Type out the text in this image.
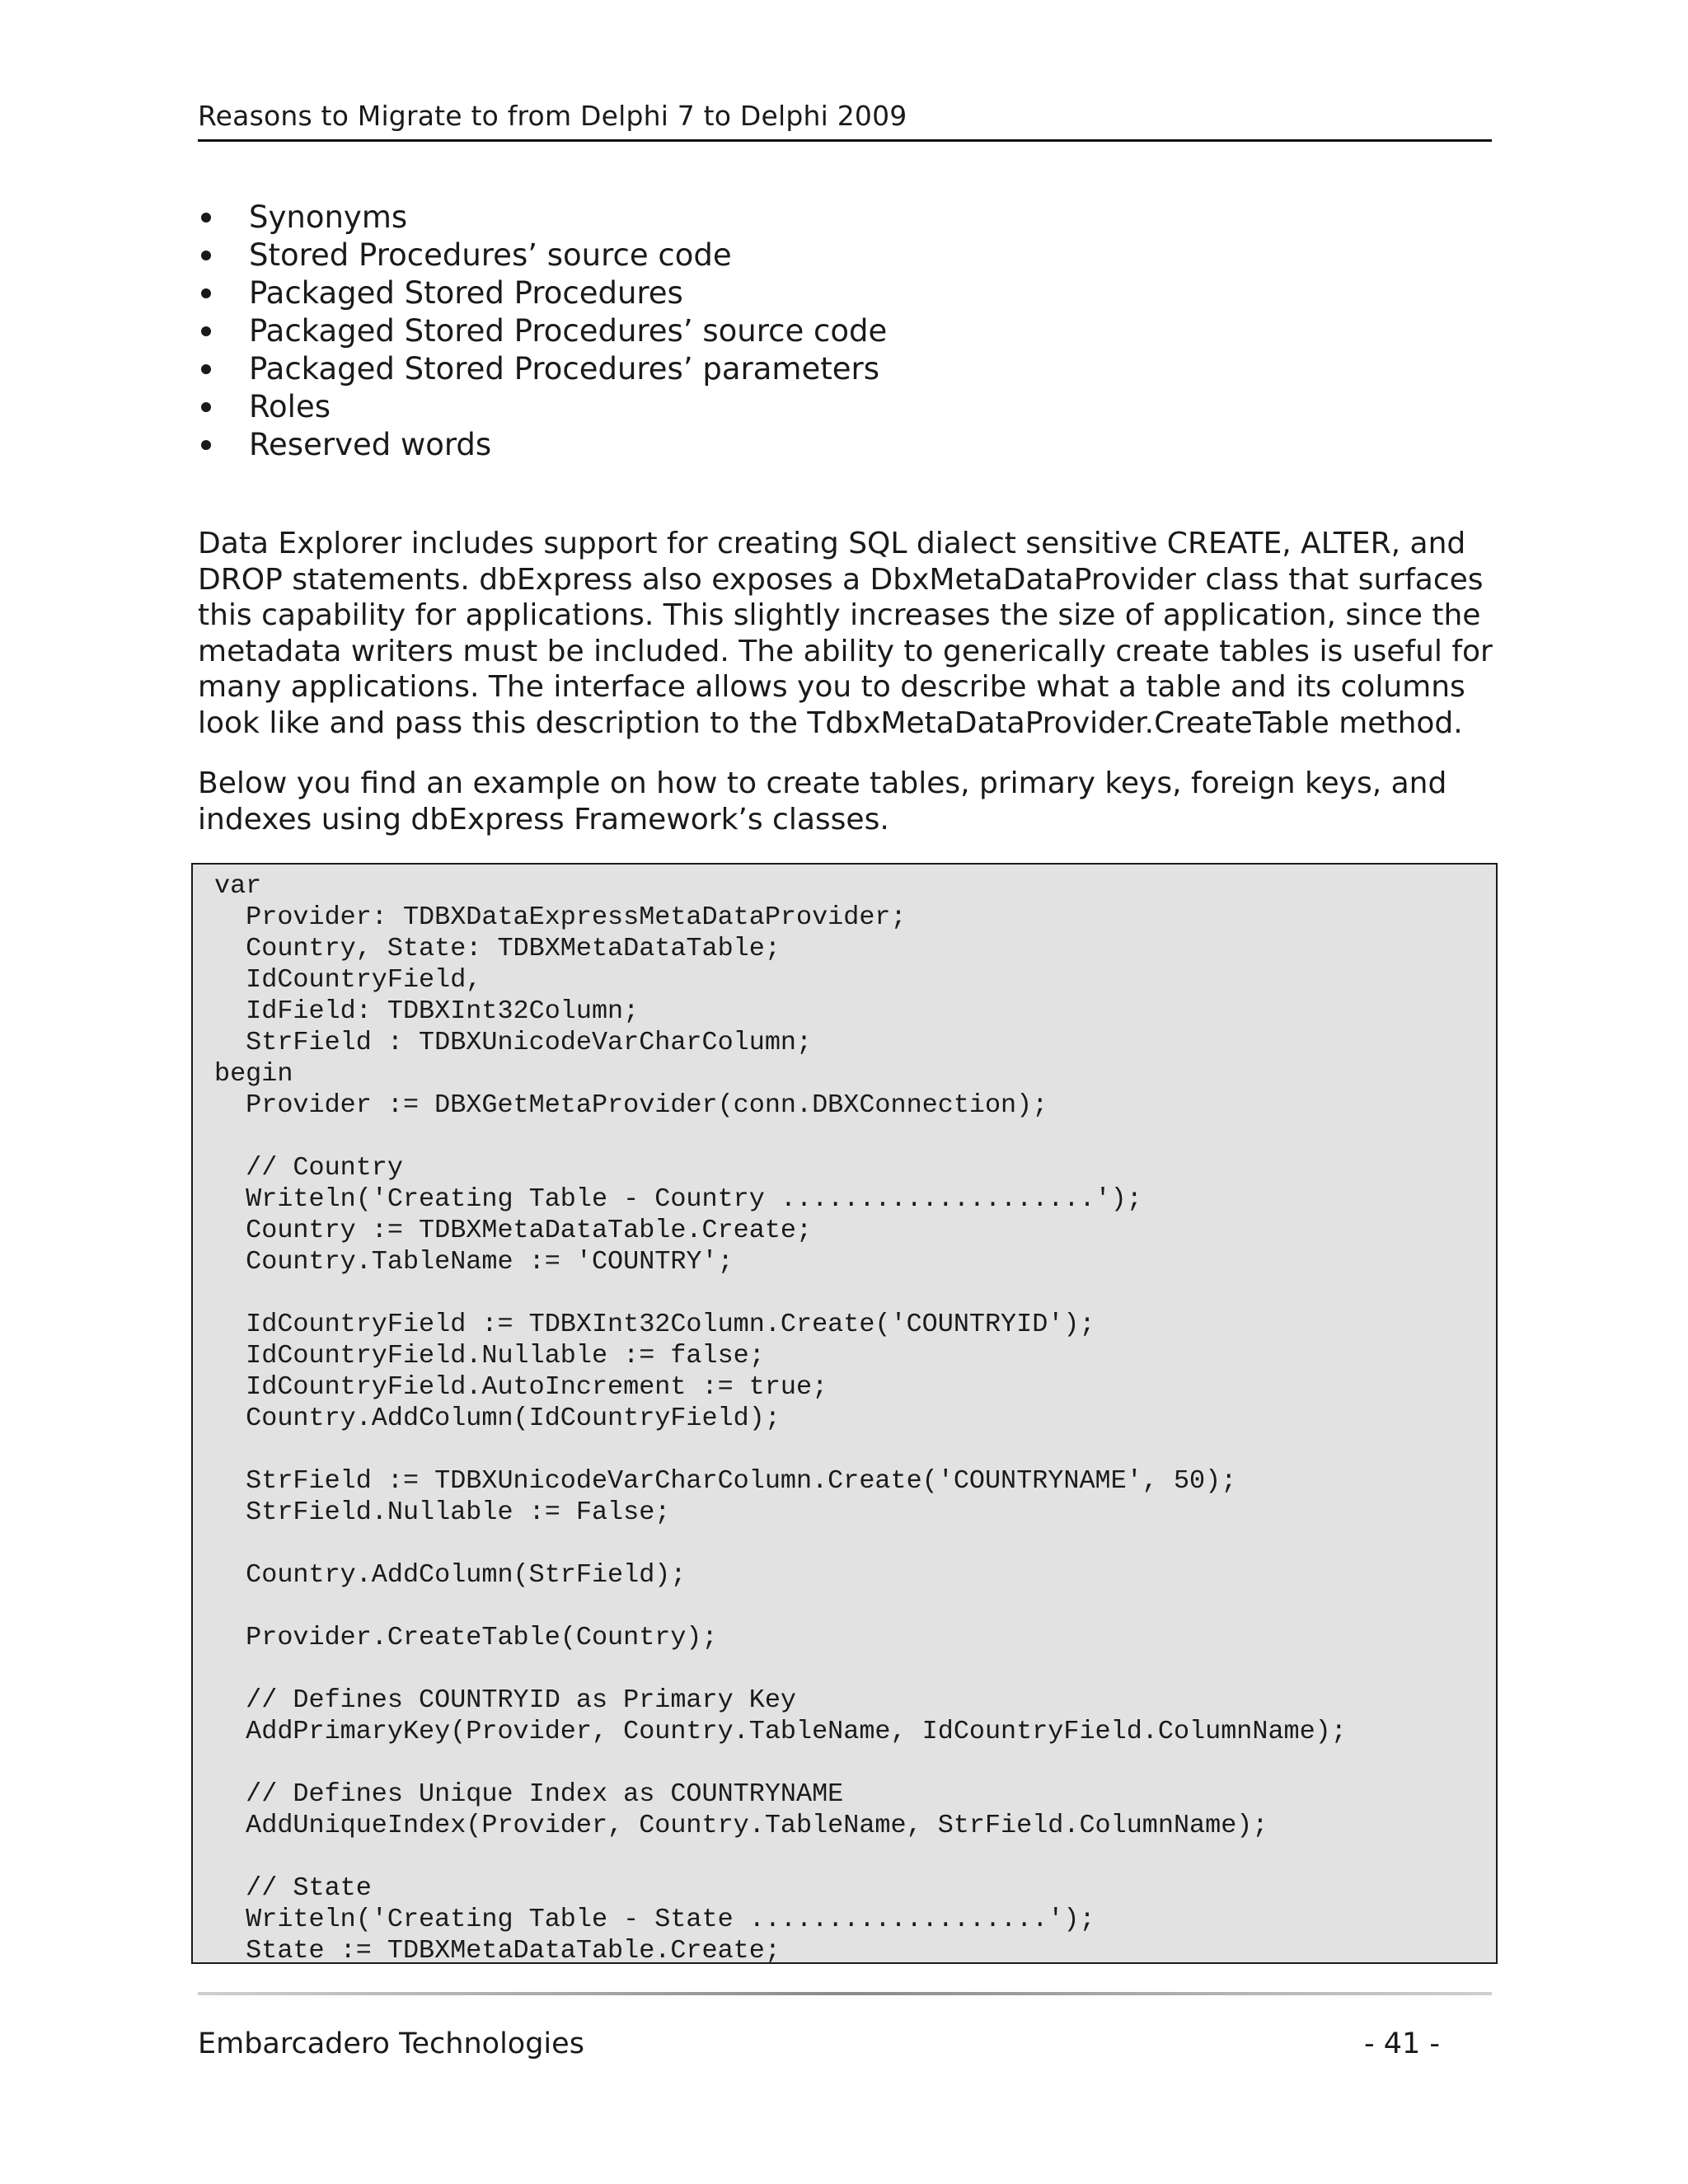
Reasons to Migrate to from Delphi 7 to Delphi 2009
Synonyms
Stored Procedures’ source code
Packaged Stored Procedures
Packaged Stored Procedures’ source code
Packaged Stored Procedures’ parameters
Roles
Reserved words

Data Explorer includes support for creating SQL dialect sensitive CREATE, ALTER, and DROP statements. dbExpress also exposes a DbxMetaDataProvider class that surfaces this capability for applications. This slightly increases the size of application, since the metadata writers must be included. The ability to generically create tables is useful for many applications. The interface allows you to describe what a table and its columns look like and pass this description to the TdbxMetaDataProvider.CreateTable method.

Below you find an example on how to create tables, primary keys, foreign keys, and indexes using dbExpress Framework’s classes.

var
Provider: TDBXDataExpressMetaDataProvider;
Country, State: TDBXMetaDataTable;
IdCountryField,
IdField: TDBXInt32Column;
StrField : TDBXUnicodeVarCharColumn;
begin
Provider := DBXGetMetaProvider(conn.DBXConnection);
// Country
Writeln('Creating Table - Country ....................');
Country := TDBXMetaDataTable.Create;
Country.TableName := 'COUNTRY';
IdCountryField := TDBXInt32Column.Create('COUNTRYID');
IdCountryField.Nullable := false;
IdCountryField.AutoIncrement := true;
Country.AddColumn(IdCountryField);
StrField := TDBXUnicodeVarCharColumn.Create('COUNTRYNAME', 50);
StrField.Nullable := False;
Country.AddColumn(StrField);
Provider.CreateTable(Country);
// Defines COUNTRYID as Primary Key
AddPrimaryKey(Provider, Country.TableName, IdCountryField.ColumnName);
// Defines Unique Index as COUNTRYNAME
AddUniqueIndex(Provider, Country.TableName, StrField.ColumnName);
// State
Writeln('Creating Table - State ...................');
State := TDBXMetaDataTable.Create;
Embarcadero Technologies	- 41 -
